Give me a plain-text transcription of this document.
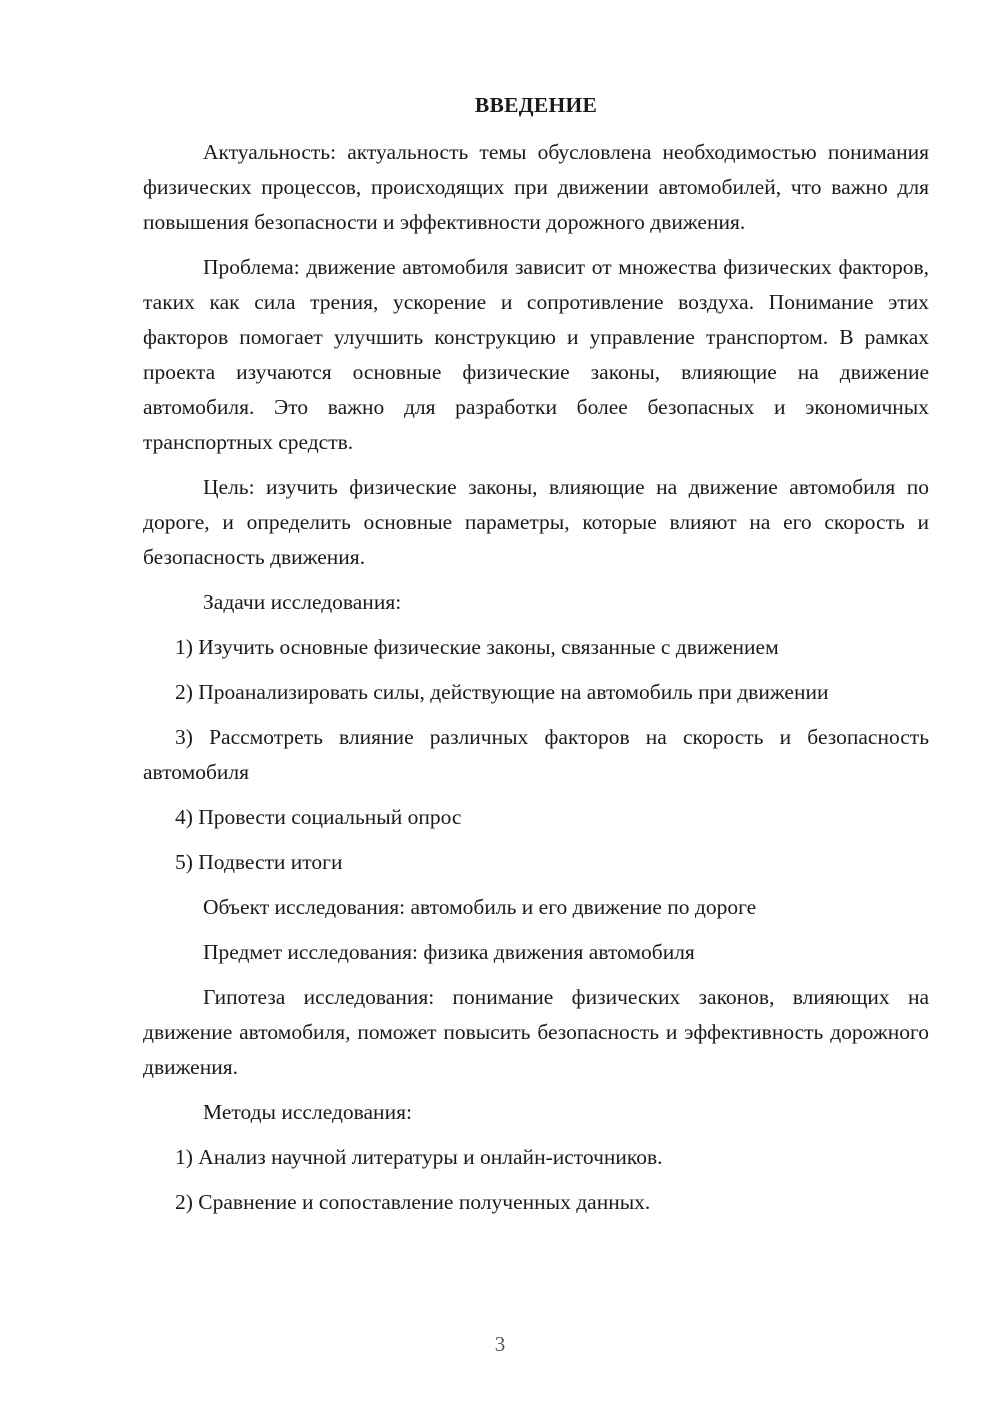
ВВЕДЕНИЕ

Актуальность: актуальность темы обусловлена необходимостью понимания физических процессов, происходящих при движении автомобилей, что важно для повышения безопасности и эффективности дорожного движения.

Проблема: движение автомобиля зависит от множества физических факторов, таких как сила трения, ускорение и сопротивление воздуха. Понимание этих факторов помогает улучшить конструкцию и управление транспортом. В рамках проекта изучаются основные физические законы, влияющие на движение автомобиля. Это важно для разработки более безопасных и экономичных транспортных средств.

Цель: изучить физические законы, влияющие на движение автомобиля по дороге, и определить основные параметры, которые влияют на его скорость и безопасность движения.

Задачи исследования:

1) Изучить основные физические законы, связанные с движением

2) Проанализировать силы, действующие на автомобиль при движении

3) Рассмотреть влияние различных факторов на скорость и безопасность автомобиля

4) Провести социальный опрос

5) Подвести итоги

Объект исследования: автомобиль и его движение по дороге

Предмет исследования: физика движения автомобиля

Гипотеза исследования: понимание физических законов, влияющих на движение автомобиля, поможет повысить безопасность и эффективность дорожного движения.

Методы исследования:

1) Анализ научной литературы и онлайн-источников.

2) Сравнение и сопоставление полученных данных.

3
